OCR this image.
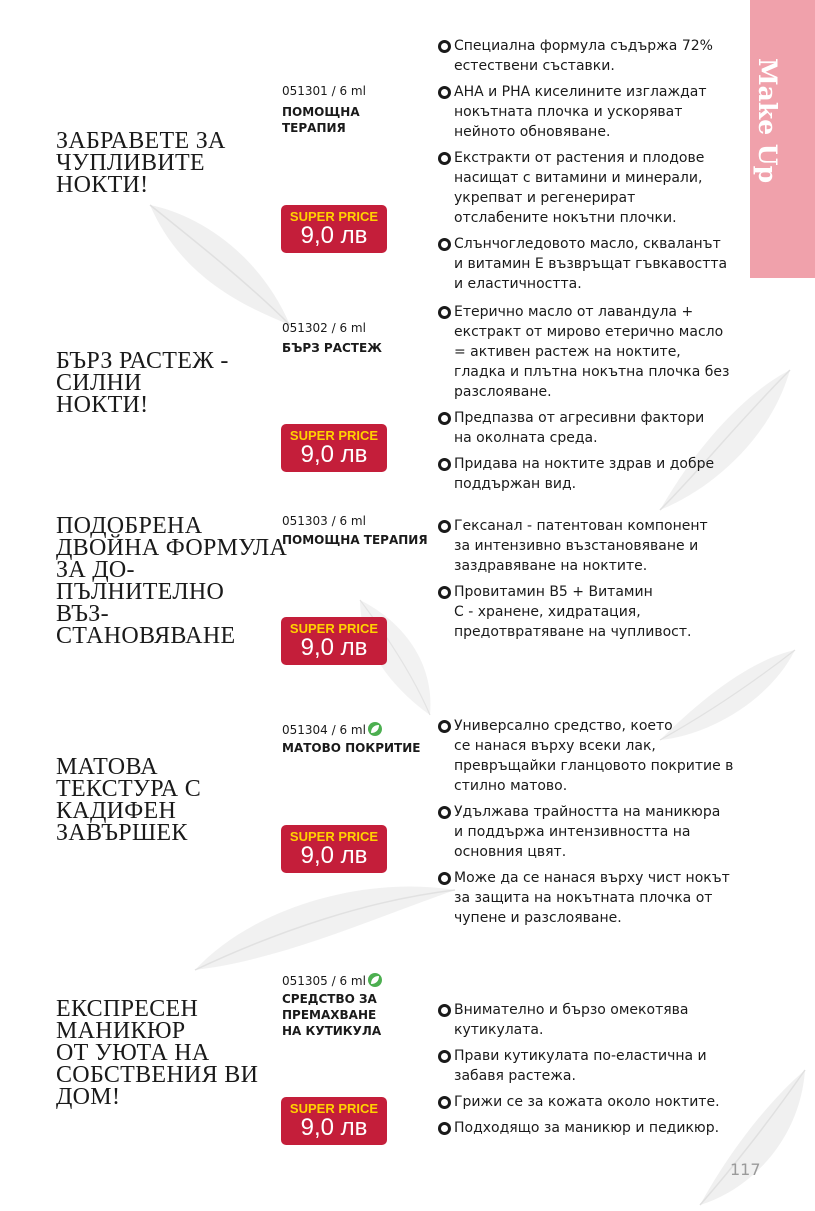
Make Up
ЗАБРАВЕТЕ ЗА
ЧУПЛИВИТЕ
НОКТИ!
051301 / 6 ml
ПОМОЩНА
ТЕРАПИЯ
SUPER PRICE
9,0 лв
Специална формула съдържа 72%
естествени съставки.
AHA и PHA киселините изглаждат
нокътната плочка и ускоряват
нейното обновяване.
Екстракти от растения и плодове
насищат с витамини и минерали,
укрепват и регенерират
отслабените нокътни плочки.
Слънчогледовото масло, скваланът
и витамин Е възвръщат гъвкавостта
и еластичността.
БЪРЗ РАСТЕЖ -
СИЛНИ
НОКТИ!
051302 / 6 ml
БЪРЗ РАСТЕЖ
SUPER PRICE
9,0 лв
Етерично масло от лавандула +
екстракт от мирово етерично масло
= активен растеж на ноктите,
гладка и плътна нокътна плочка без
разслояване.
Предпазва от агресивни фактори
на околната среда.
Придава на ноктите здрав и добре
поддържан вид.
ПОДОБРЕНА
ДВОЙНА ФОРМУЛА
ЗА ДО-
ПЪЛНИТЕЛНО
ВЪЗ-
СТАНОВЯВАНЕ
051303 / 6 ml
ПОМОЩНА ТЕРАПИЯ
SUPER PRICE
9,0 лв
Гексанал - патентован компонент
за интензивно възстановяване и
заздравяване на ноктите.
Провитамин В5 + Витамин
С - хранене, хидратация,
предотвратяване на чупливост.
МАТОВА
ТЕКСТУРА С
КАДИФЕН
ЗАВЪРШЕК
051304 / 6 ml
МАТОВО ПОКРИТИЕ
SUPER PRICE
9,0 лв
Универсално средство, което
се нанася върху всеки лак,
превръщайки гланцовото покритие в
стилно матово.
Удължава трайността на маникюра
и поддържа интензивността на
основния цвят.
Може да се нанася върху чист нокът
за защита на нокътната плочка от
чупене и разслояване.
ЕКСПРЕСЕН
МАНИКЮР
ОТ УЮТА НА
СОБСТВЕНИЯ ВИ
ДОМ!
051305 / 6 ml
СРЕДСТВО ЗА
ПРЕМАХВАНЕ
НА КУТИКУЛА
SUPER PRICE
9,0 лв
Внимателно и бързо омекотява
кутикулата.
Прави кутикулата по-еластична и
забавя растежа.
Грижи се за кожата около ноктите.
Подходящо за маникюр и педикюр.
117
